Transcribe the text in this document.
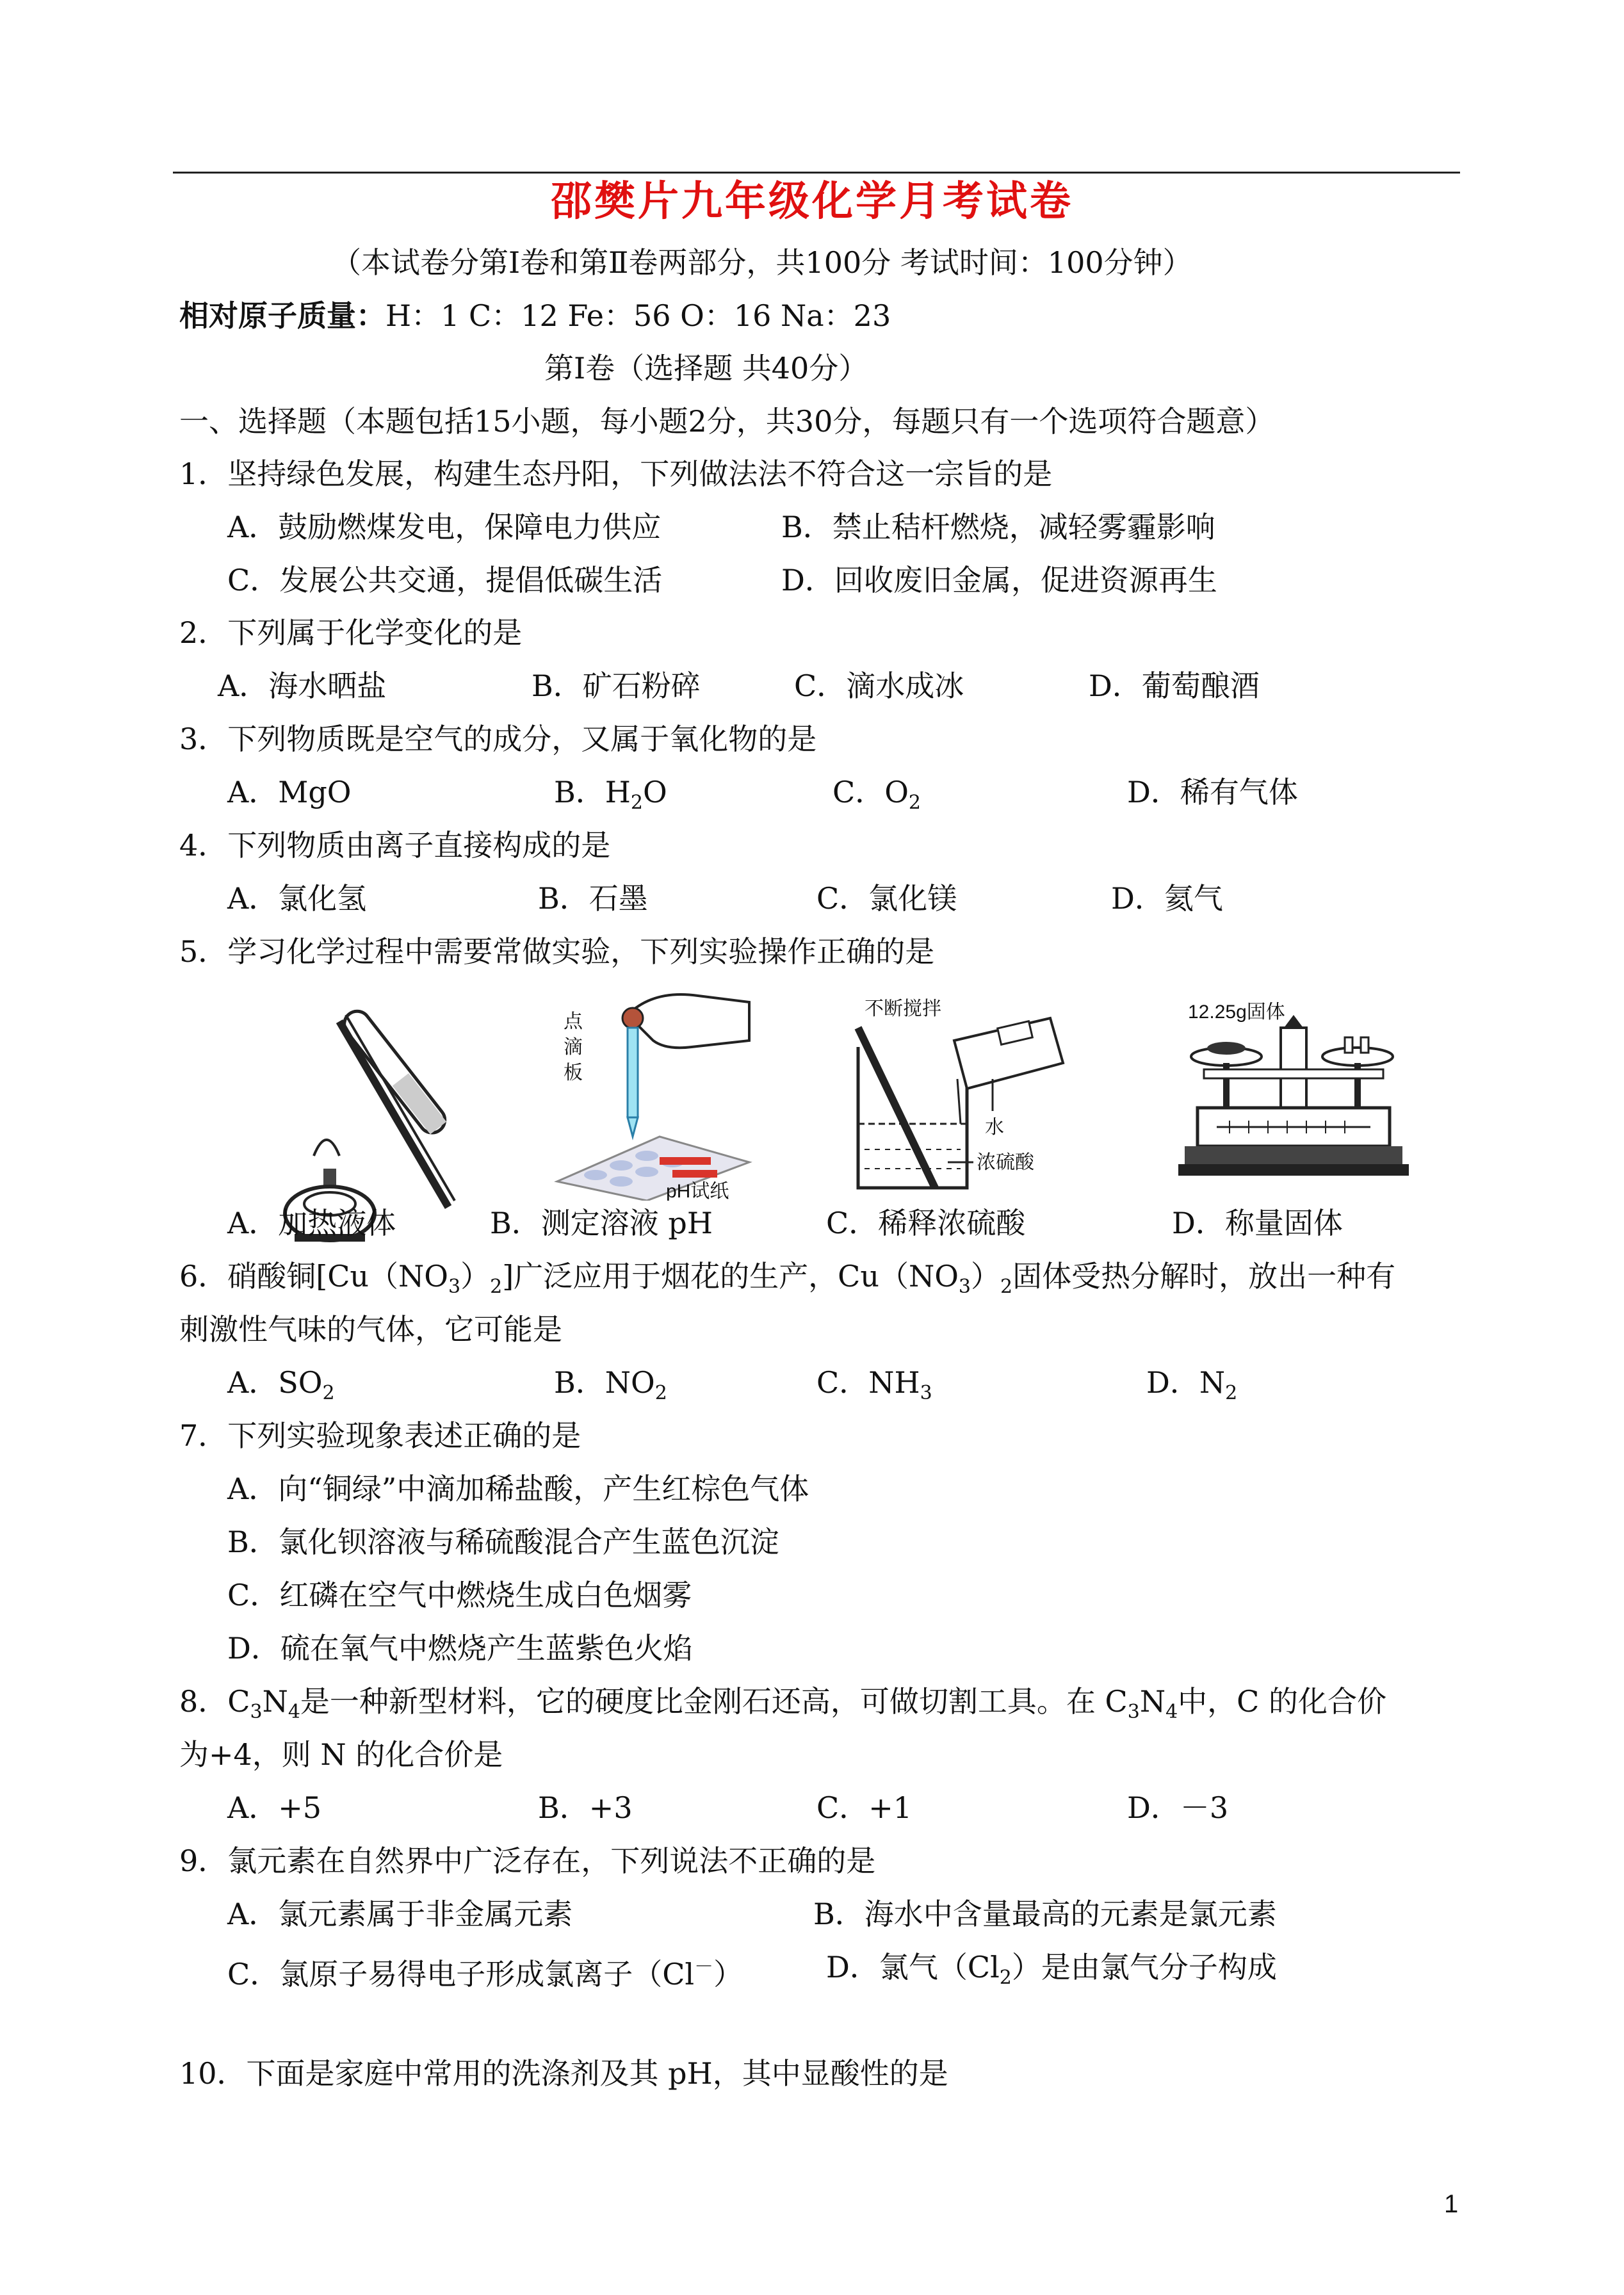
邵樊片九年级化学月考试卷
（本试卷分第Ⅰ卷和第Ⅱ卷两部分，共100分 考试时间：100分钟）
相对原子质量：H：1 C：12 Fe：56 O：16 Na：23
第Ⅰ卷（选择题 共40分）
一、选择题（本题包括15小题，每小题2分，共30分，每题只有一个选项符合题意）
1．坚持绿色发展，构建生态丹阳，下列做法法不符合这一宗旨的是
A．鼓励燃煤发电，保障电力供应	B．禁止秸杆燃烧，减轻雾霾影响
C．发展公共交通，提倡低碳生活	D．回收废旧金属，促进资源再生
2．下列属于化学变化的是
A．海水晒盐	B．矿石粉碎	C．滴水成冰	D．葡萄酿酒
3．下列物质既是空气的成分，又属于氧化物的是
A．MgO	B．$H_2O$	C．$O_2$	D．稀有气体
4．下列物质由离子直接构成的是
A．氯化氢	B．石墨	C．氯化镁	D．氦气
5．学习化学过程中需要常做实验，下列实验操作正确的是
点
滴
板
pH试纸
不断搅拌
水
浓硫酸
12.25g固体
A．加热液体	B．测定溶液 pH	C．稀释浓硫酸	D．称量固体
6．硝酸铜$[Cu(NO_3)_2]$广泛应用于烟花的生产，$Cu(NO_3)_2$固体受热分解时，放出一种有
刺激性气味的气体，它可能是
A．$SO_2$	B．$NO_2$	C．$NH_3$	D．$N_2$
7．下列实验现象表述正确的是
A．向“铜绿”中滴加稀盐酸，产生红棕色气体
B．氯化钡溶液与稀硫酸混合产生蓝色沉淀
C．红磷在空气中燃烧生成白色烟雾
D．硫在氧气中燃烧产生蓝紫色火焰
8．$C_3N_4$是一种新型材料，它的硬度比金刚石还高，可做切割工具。在 $C_3N_4$中，C 的化合价
为+4，则 N 的化合价是
A．+5	B．+3	C．+1	D．－3
9．氯元素在自然界中广泛存在，下列说法不正确的是
A．氯元素属于非金属元素	B．海水中含量最高的元素是氯元素
C．氯原子易得电子形成氯离子（Cl－）	D．氯气$(Cl_2)$是由氯气分子构成
10．下面是家庭中常用的洗涤剂及其 pH，其中显酸性的是
1
